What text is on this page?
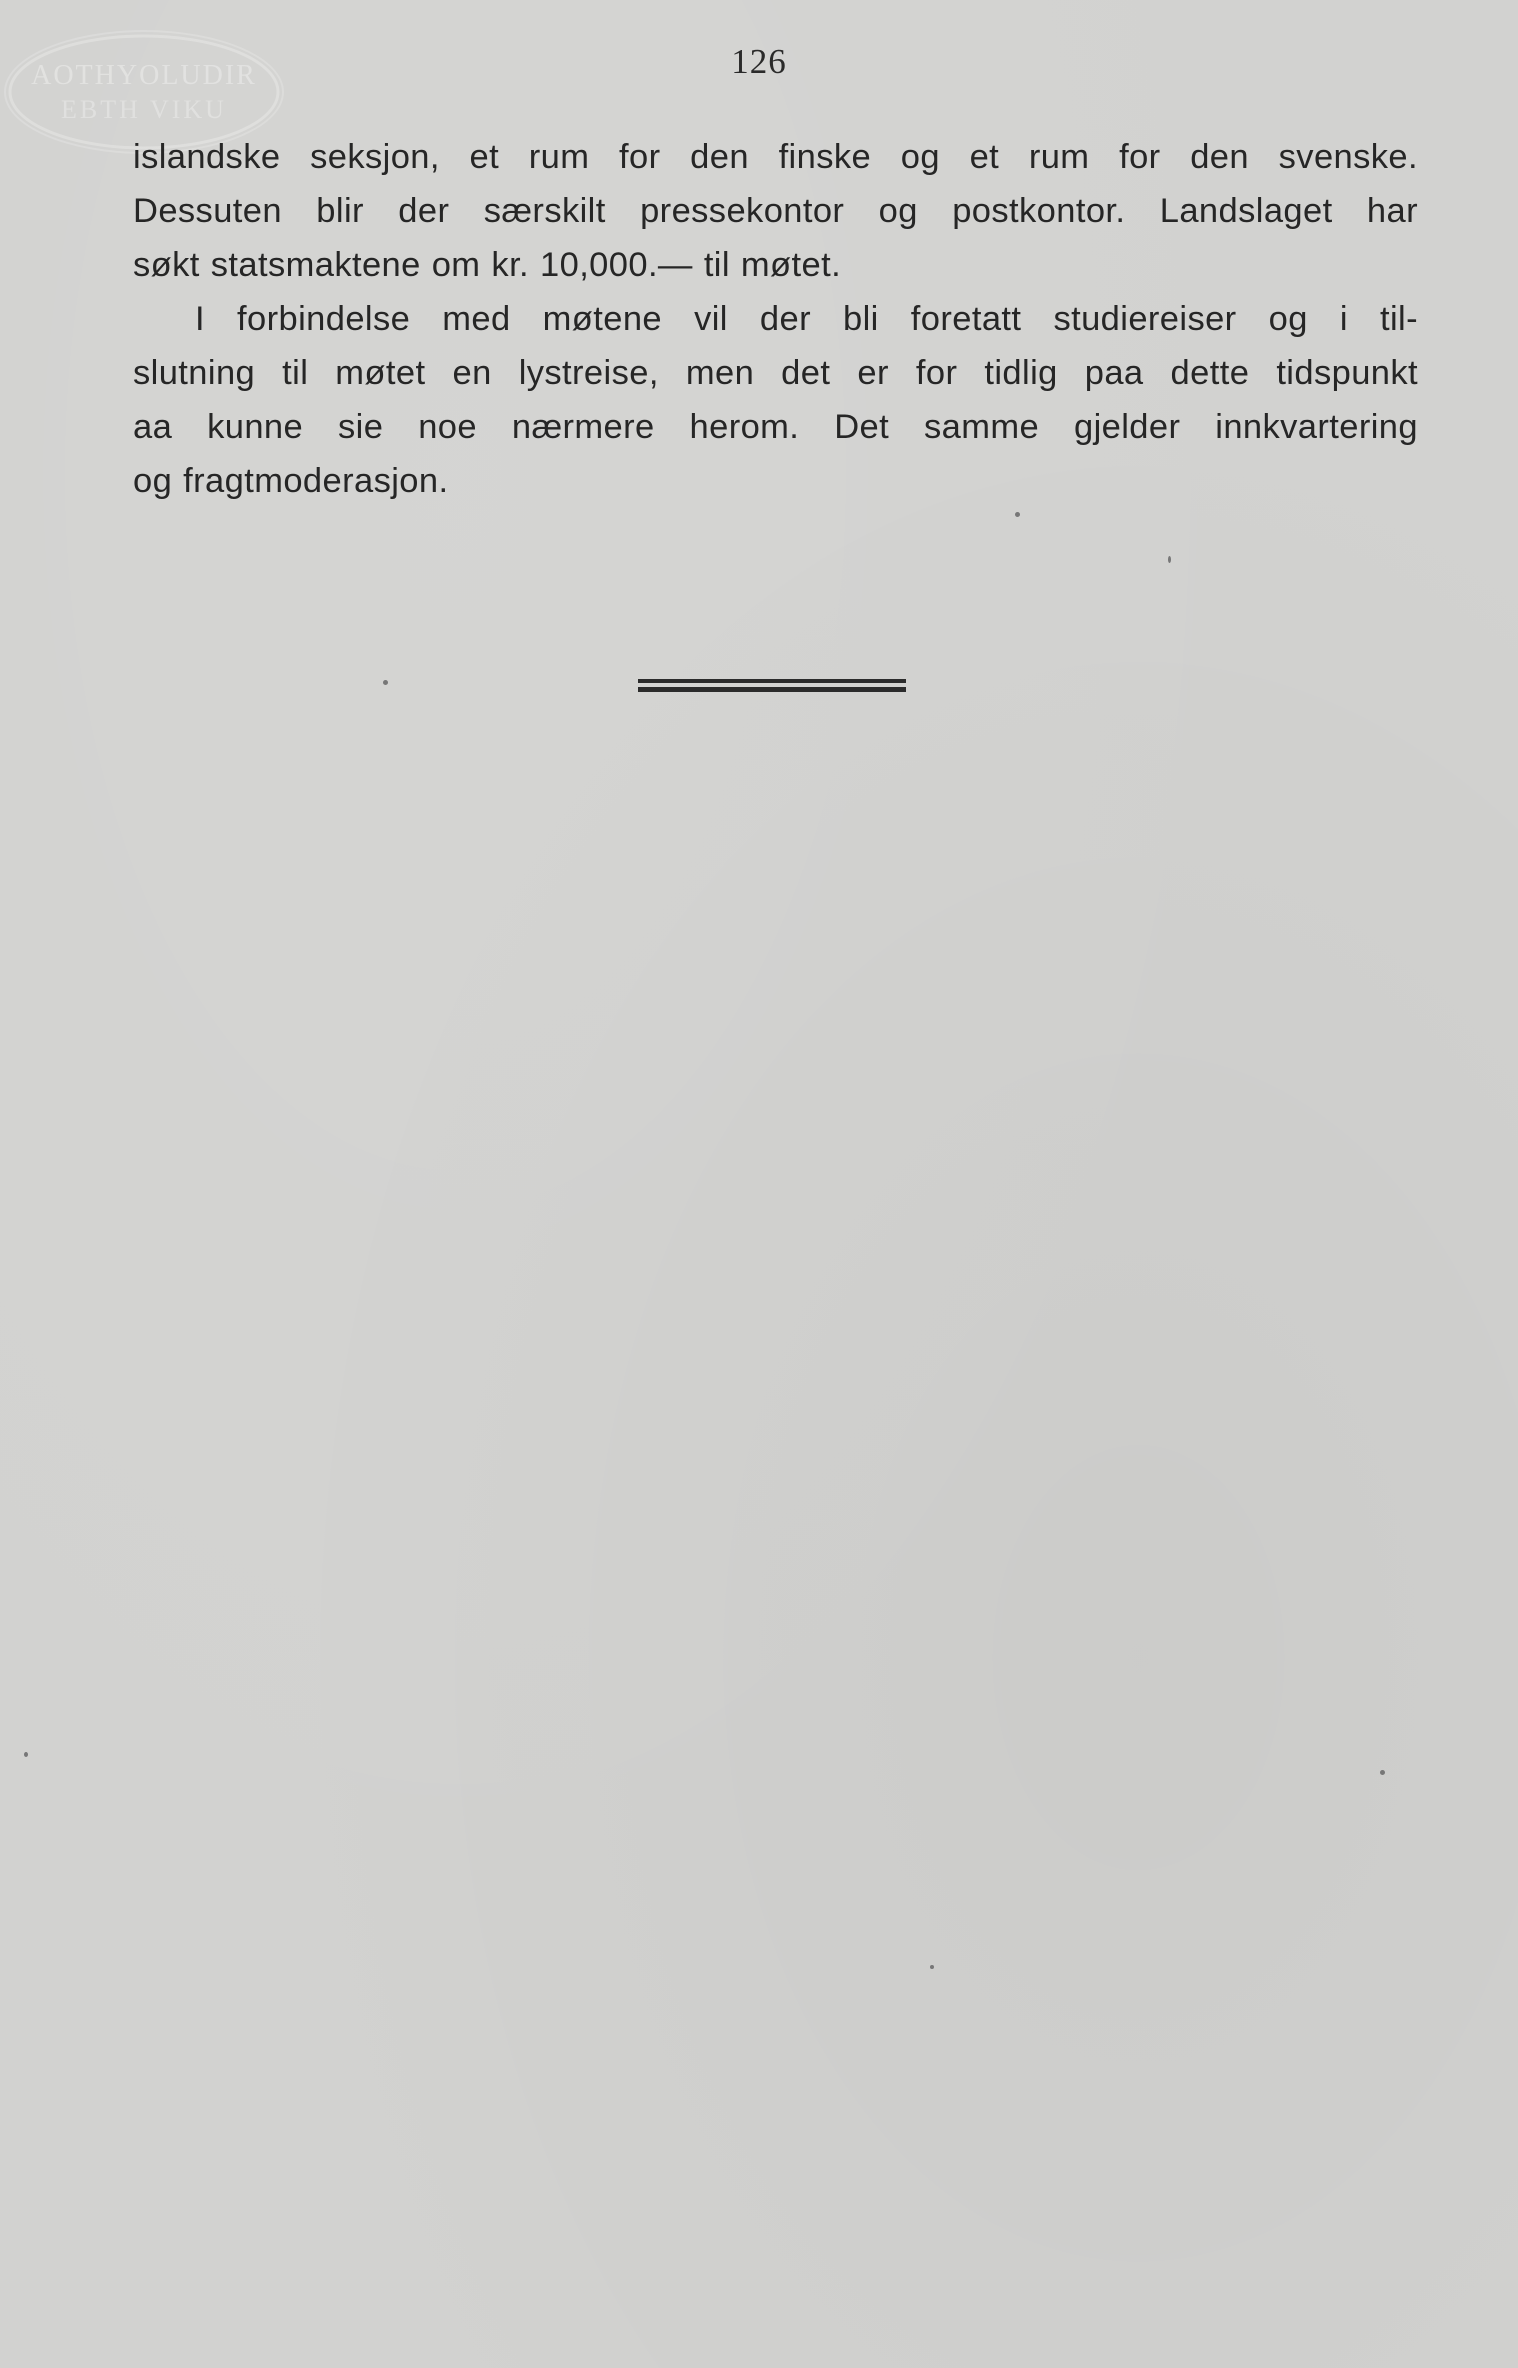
AOTHYOLUDIR
EBTH VIKU
126

islandske seksjon, et rum for den finske og et rum for den svenske.
Dessuten blir der særskilt pressekontor og postkontor. Landslaget har
søkt statsmaktene om kr. 10,000.— til møtet.

I forbindelse med møtene vil der bli foretatt studiereiser og i til-
slutning til møtet en lystreise, men det er for tidlig paa dette tidspunkt
aa kunne sie noe nærmere herom. Det samme gjelder innkvartering
og fragtmoderasjon.
